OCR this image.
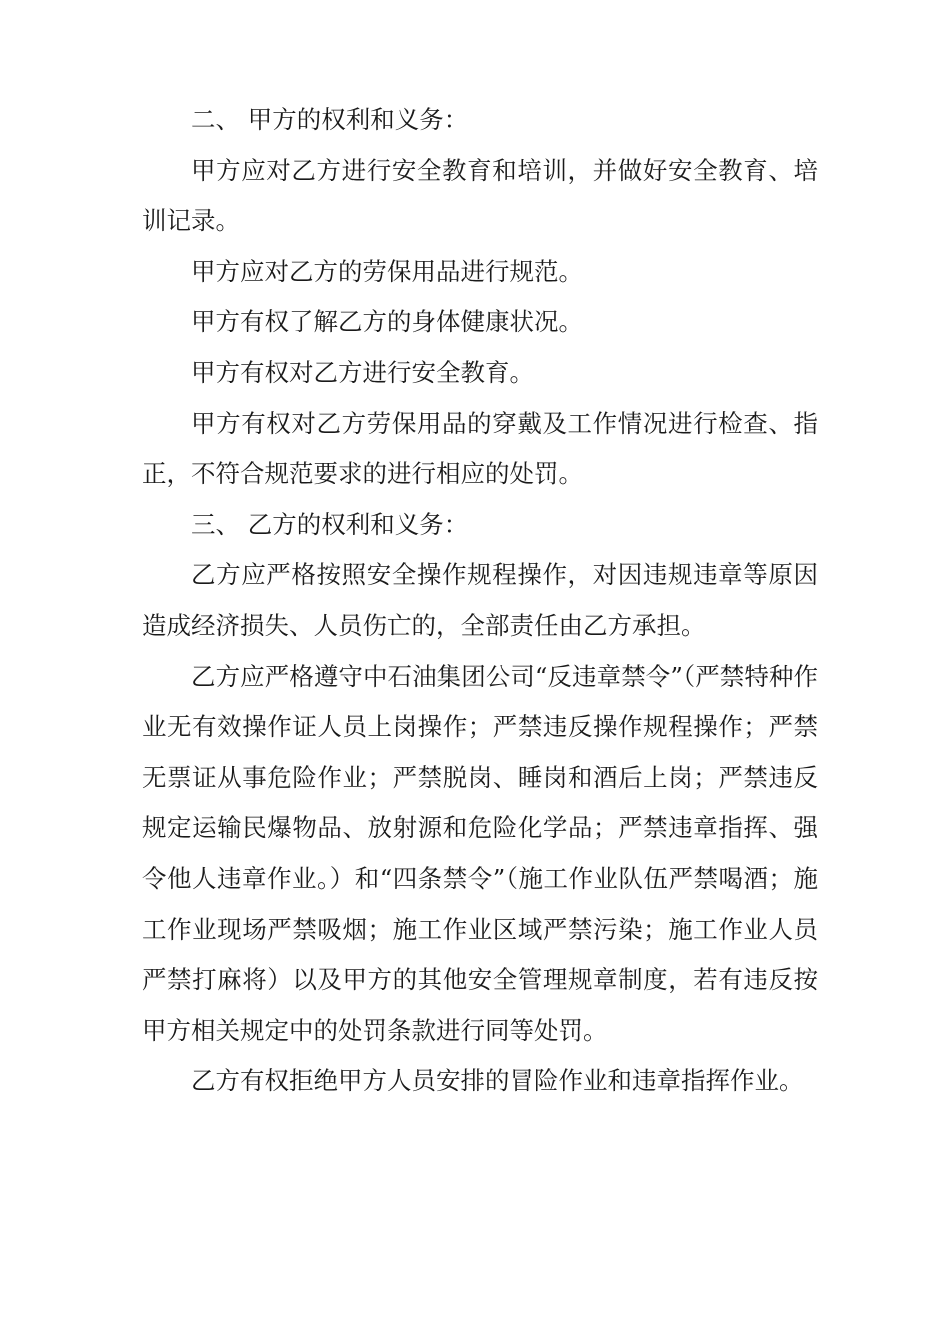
二、 甲方的权利和义务：

甲方应对乙方进行安全教育和培训，并做好安全教育、培训记录。

甲方应对乙方的劳保用品进行规范。

甲方有权了解乙方的身体健康状况。

甲方有权对乙方进行安全教育。

甲方有权对乙方劳保用品的穿戴及工作情况进行检查、指正，不符合规范要求的进行相应的处罚。

三、 乙方的权利和义务：

乙方应严格按照安全操作规程操作，对因违规违章等原因造成经济损失、人员伤亡的，全部责任由乙方承担。

乙方应严格遵守中石油集团公司“反违章禁令”（严禁特种作业无有效操作证人员上岗操作；严禁违反操作规程操作；严禁无票证从事危险作业；严禁脱岗、睡岗和酒后上岗；严禁违反规定运输民爆物品、放射源和危险化学品；严禁违章指挥、强令他人违章作业。）和“四条禁令”（施工作业队伍严禁喝酒；施工作业现场严禁吸烟；施工作业区域严禁污染；施工作业人员严禁打麻将）以及甲方的其他安全管理规章制度，若有违反按甲方相关规定中的处罚条款进行同等处罚。

乙方有权拒绝甲方人员安排的冒险作业和违章指挥作业。
